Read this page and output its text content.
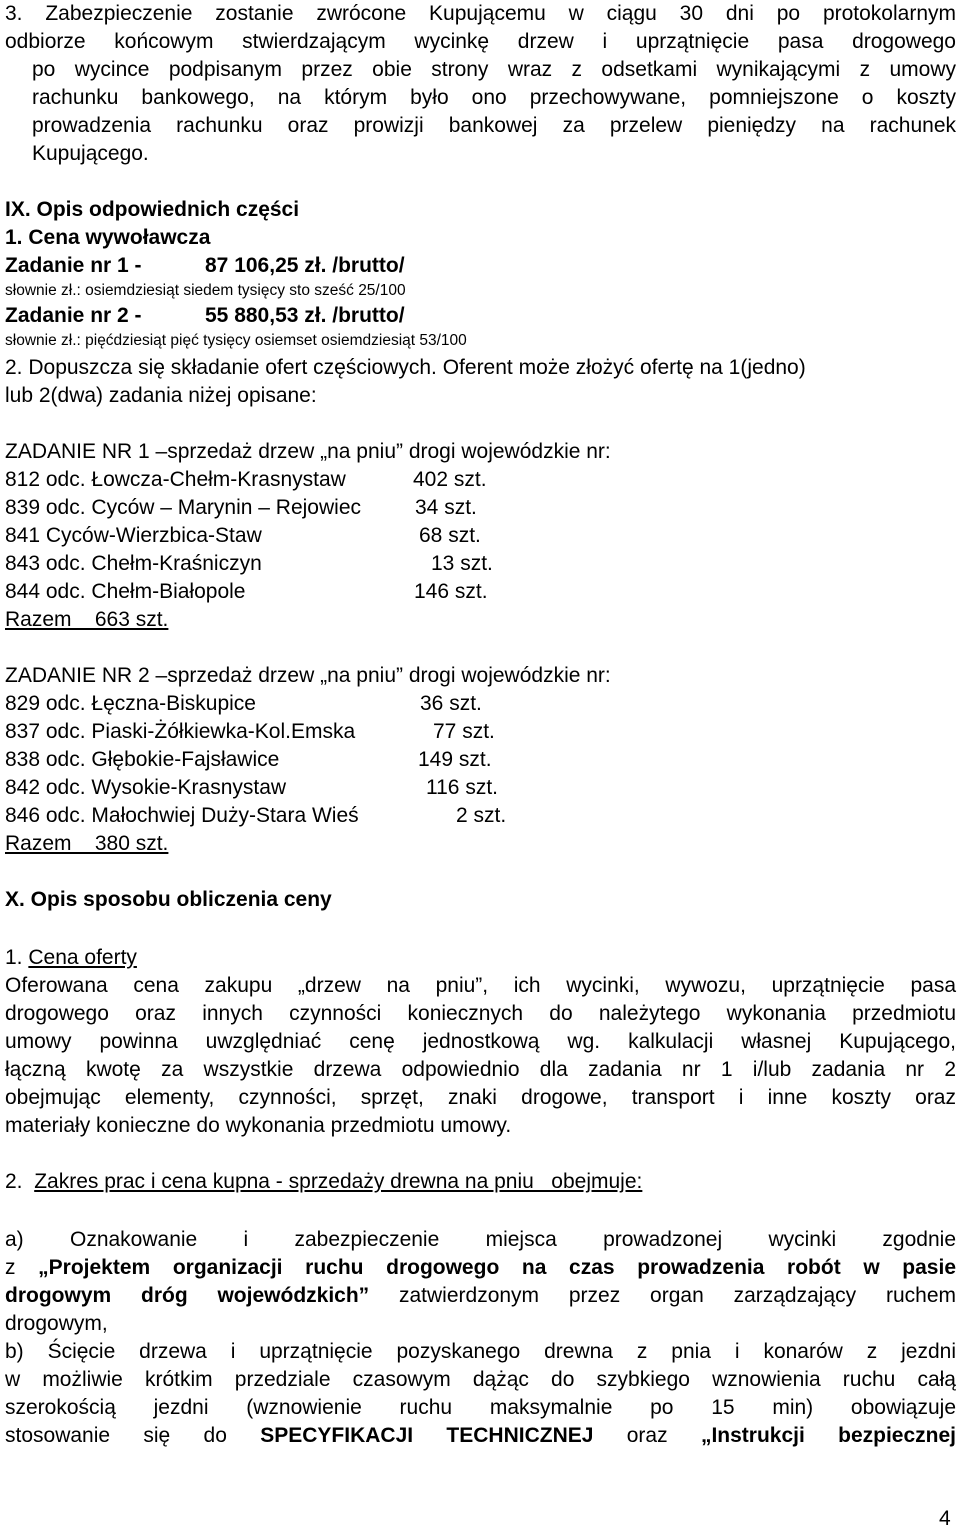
3. Zabezpieczenie zostanie zwrócone Kupującemu w ciągu 30 dni po protokolarnym
odbiorze końcowym stwierdzającym wycinkę drzew i uprzątnięcie pasa drogowego
po wycince podpisanym przez obie strony wraz z odsetkami wynikającymi z umowy
rachunku bankowego, na którym było ono przechowywane, pomniejszone o koszty
prowadzenia rachunku oraz prowizji bankowej za przelew pieniędzy na rachunek
Kupującego.
IX. Opis odpowiednich części
1. Cena wywoławcza
Zadanie nr 1 -	87 106,25 zł. /brutto/
słownie zł.: osiemdziesiąt siedem tysięcy sto sześć 25/100
Zadanie nr 2 -	55 880,53 zł. /brutto/
słownie zł.: pięćdziesiąt pięć tysięcy osiemset osiemdziesiąt 53/100
2. Dopuszcza się składanie ofert częściowych. Oferent może złożyć ofertę na 1(jedno)
lub 2(dwa) zadania niżej opisane:
ZADANIE NR 1 –sprzedaż drzew „na pniu” drogi wojewódzkie nr:
812 odc. Łowcza-Chełm-Krasnystaw	402 szt.
839 odc. Cyców – Marynin – Rejowiec	34 szt.
841 Cyców-Wierzbica-Staw	68 szt.
843 odc. Chełm-Kraśniczyn	13 szt.
844 odc. Chełm-Białopole	146 szt.
Razem    663 szt.
ZADANIE NR 2 –sprzedaż drzew „na pniu” drogi wojewódzkie nr:
829 odc. Łęczna-Biskupice	36 szt.
837 odc. Piaski-Żółkiewka-Kol.Emska	77 szt.
838 odc. Głębokie-Fajsławice	149 szt.
842 odc. Wysokie-Krasnystaw	116 szt.
846 odc. Małochwiej Duży-Stara Wieś	2 szt.
Razem    380 szt.
X. Opis sposobu obliczenia ceny
1. Cena oferty
Oferowana cena zakupu „drzew na pniu”, ich wycinki, wywozu, uprzątnięcie pasa
drogowego oraz innych czynności koniecznych do należytego wykonania przedmiotu
umowy powinna uwzględniać cenę jednostkową wg. kalkulacji własnej Kupującego,
łączną kwotę za wszystkie drzewa odpowiednio dla zadania nr 1 i/lub zadania nr 2
obejmując elementy, czynności, sprzęt, znaki drogowe, transport i inne koszty oraz
materiały konieczne do wykonania przedmiotu umowy.
2. Zakres prac i cena kupna - sprzedaży drewna na pniu   obejmuje:
a) Oznakowanie i zabezpieczenie miejsca prowadzonej wycinki zgodnie
z „Projektem organizacji ruchu drogowego na czas prowadzenia robót w pasie
drogowym dróg wojewódzkich” zatwierdzonym przez organ zarządzający ruchem
drogowym,
b) Ścięcie drzewa i uprzątnięcie pozyskanego drewna z pnia i konarów z jezdni
w możliwie krótkim przedziale czasowym dążąc do szybkiego wznowienia ruchu całą
szerokością jezdni (wznowienie ruchu maksymalnie po 15 min) obowiązuje
stosowanie się do SPECYFIKACJI TECHNICZNEJ oraz „Instrukcji bezpiecznej
4
